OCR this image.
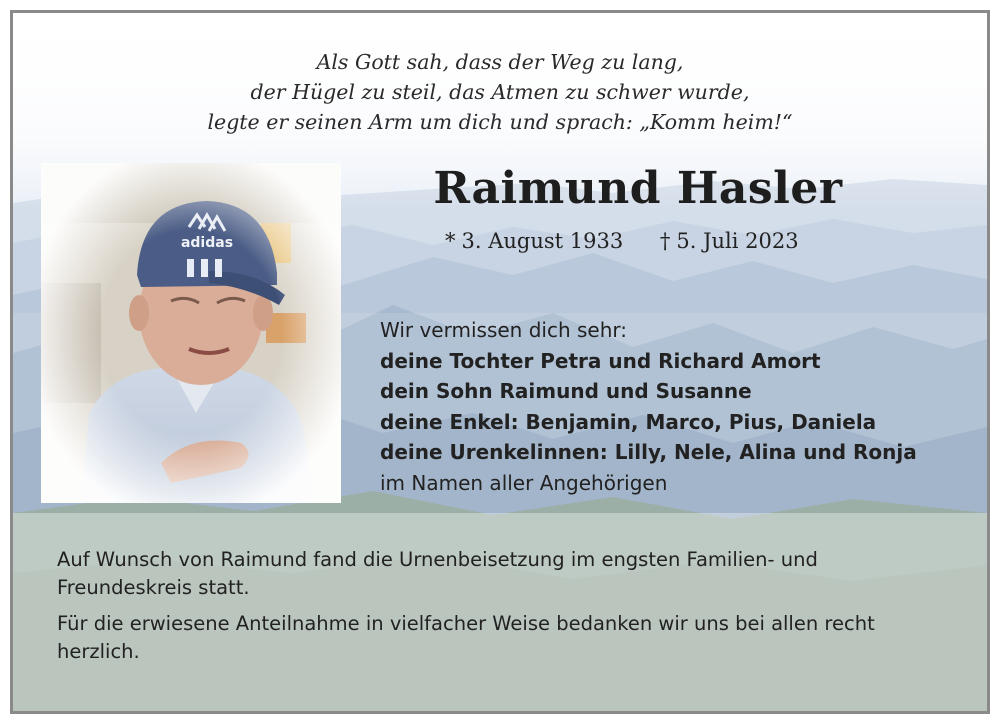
Als Gott sah, dass der Weg zu lang,
der Hügel zu steil, das Atmen zu schwer wurde,
legte er seinen Arm um dich und sprach: „Komm heim!“
Raimund Hasler
* 3. August 1933 † 5. Juli 2023
Wir vermissen dich sehr:
deine Tochter Petra und Richard Amort
dein Sohn Raimund und Susanne
deine Enkel: Benjamin, Marco, Pius, Daniela
deine Urenkelinnen: Lilly, Nele, Alina und Ronja
im Namen aller Angehörigen

Auf Wunsch von Raimund fand die Urnenbeisetzung im engsten Familien- und Freundeskreis statt.

Für die erwiesene Anteilnahme in vielfacher Weise bedanken wir uns bei allen recht herzlich.
